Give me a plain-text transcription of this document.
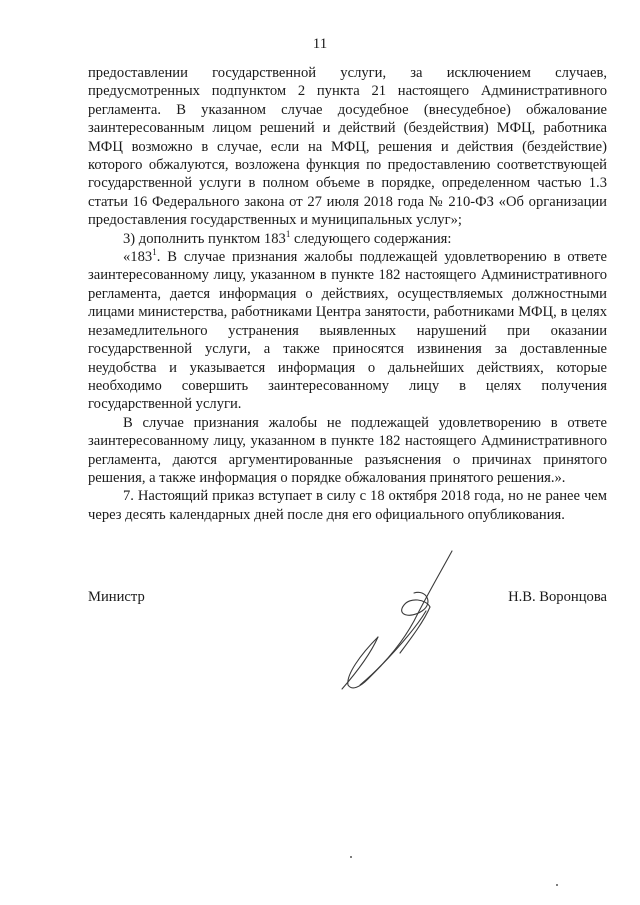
11

предоставлении государственной услуги, за исключением случаев, предусмотренных подпунктом 2 пункта 21 настоящего Административного регламента. В указанном случае досудебное (внесудебное) обжалование заинтересованным лицом решений и действий (бездействия) МФЦ, работника МФЦ возможно в случае, если на МФЦ, решения и действия (бездействие) которого обжалуются, возложена функция по предоставлению соответствующей государственной услуги в полном объеме в порядке, определенном частью 1.3 статьи 16 Федерального закона от 27 июля 2018 года № 210-ФЗ «Об организации предоставления государственных и муниципальных услуг»;

3) дополнить пунктом $183^1$ следующего содержания:

«$183^1$. В случае признания жалобы подлежащей удовлетворению в ответе заинтересованному лицу, указанном в пункте 182 настоящего Административного регламента, дается информация о действиях, осуществляемых должностными лицами министерства, работниками Центра занятости, работниками МФЦ, в целях незамедлительного устранения выявленных нарушений при оказании государственной услуги, а также приносятся извинения за доставленные неудобства и указывается информация о дальнейших действиях, которые необходимо совершить заинтересованному лицу в целях получения государственной услуги.

В случае признания жалобы не подлежащей удовлетворению в ответе заинтересованному лицу, указанном в пункте 182 настоящего Административного регламента, даются аргументированные разъяснения о причинах принятого решения, а также информация о порядке обжалования принятого решения.».

7. Настоящий приказ вступает в силу с 18 октября 2018 года, но не ранее чем через десять календарных дней после дня его официального опубликования.

Министр	Н.В. Воронцова
